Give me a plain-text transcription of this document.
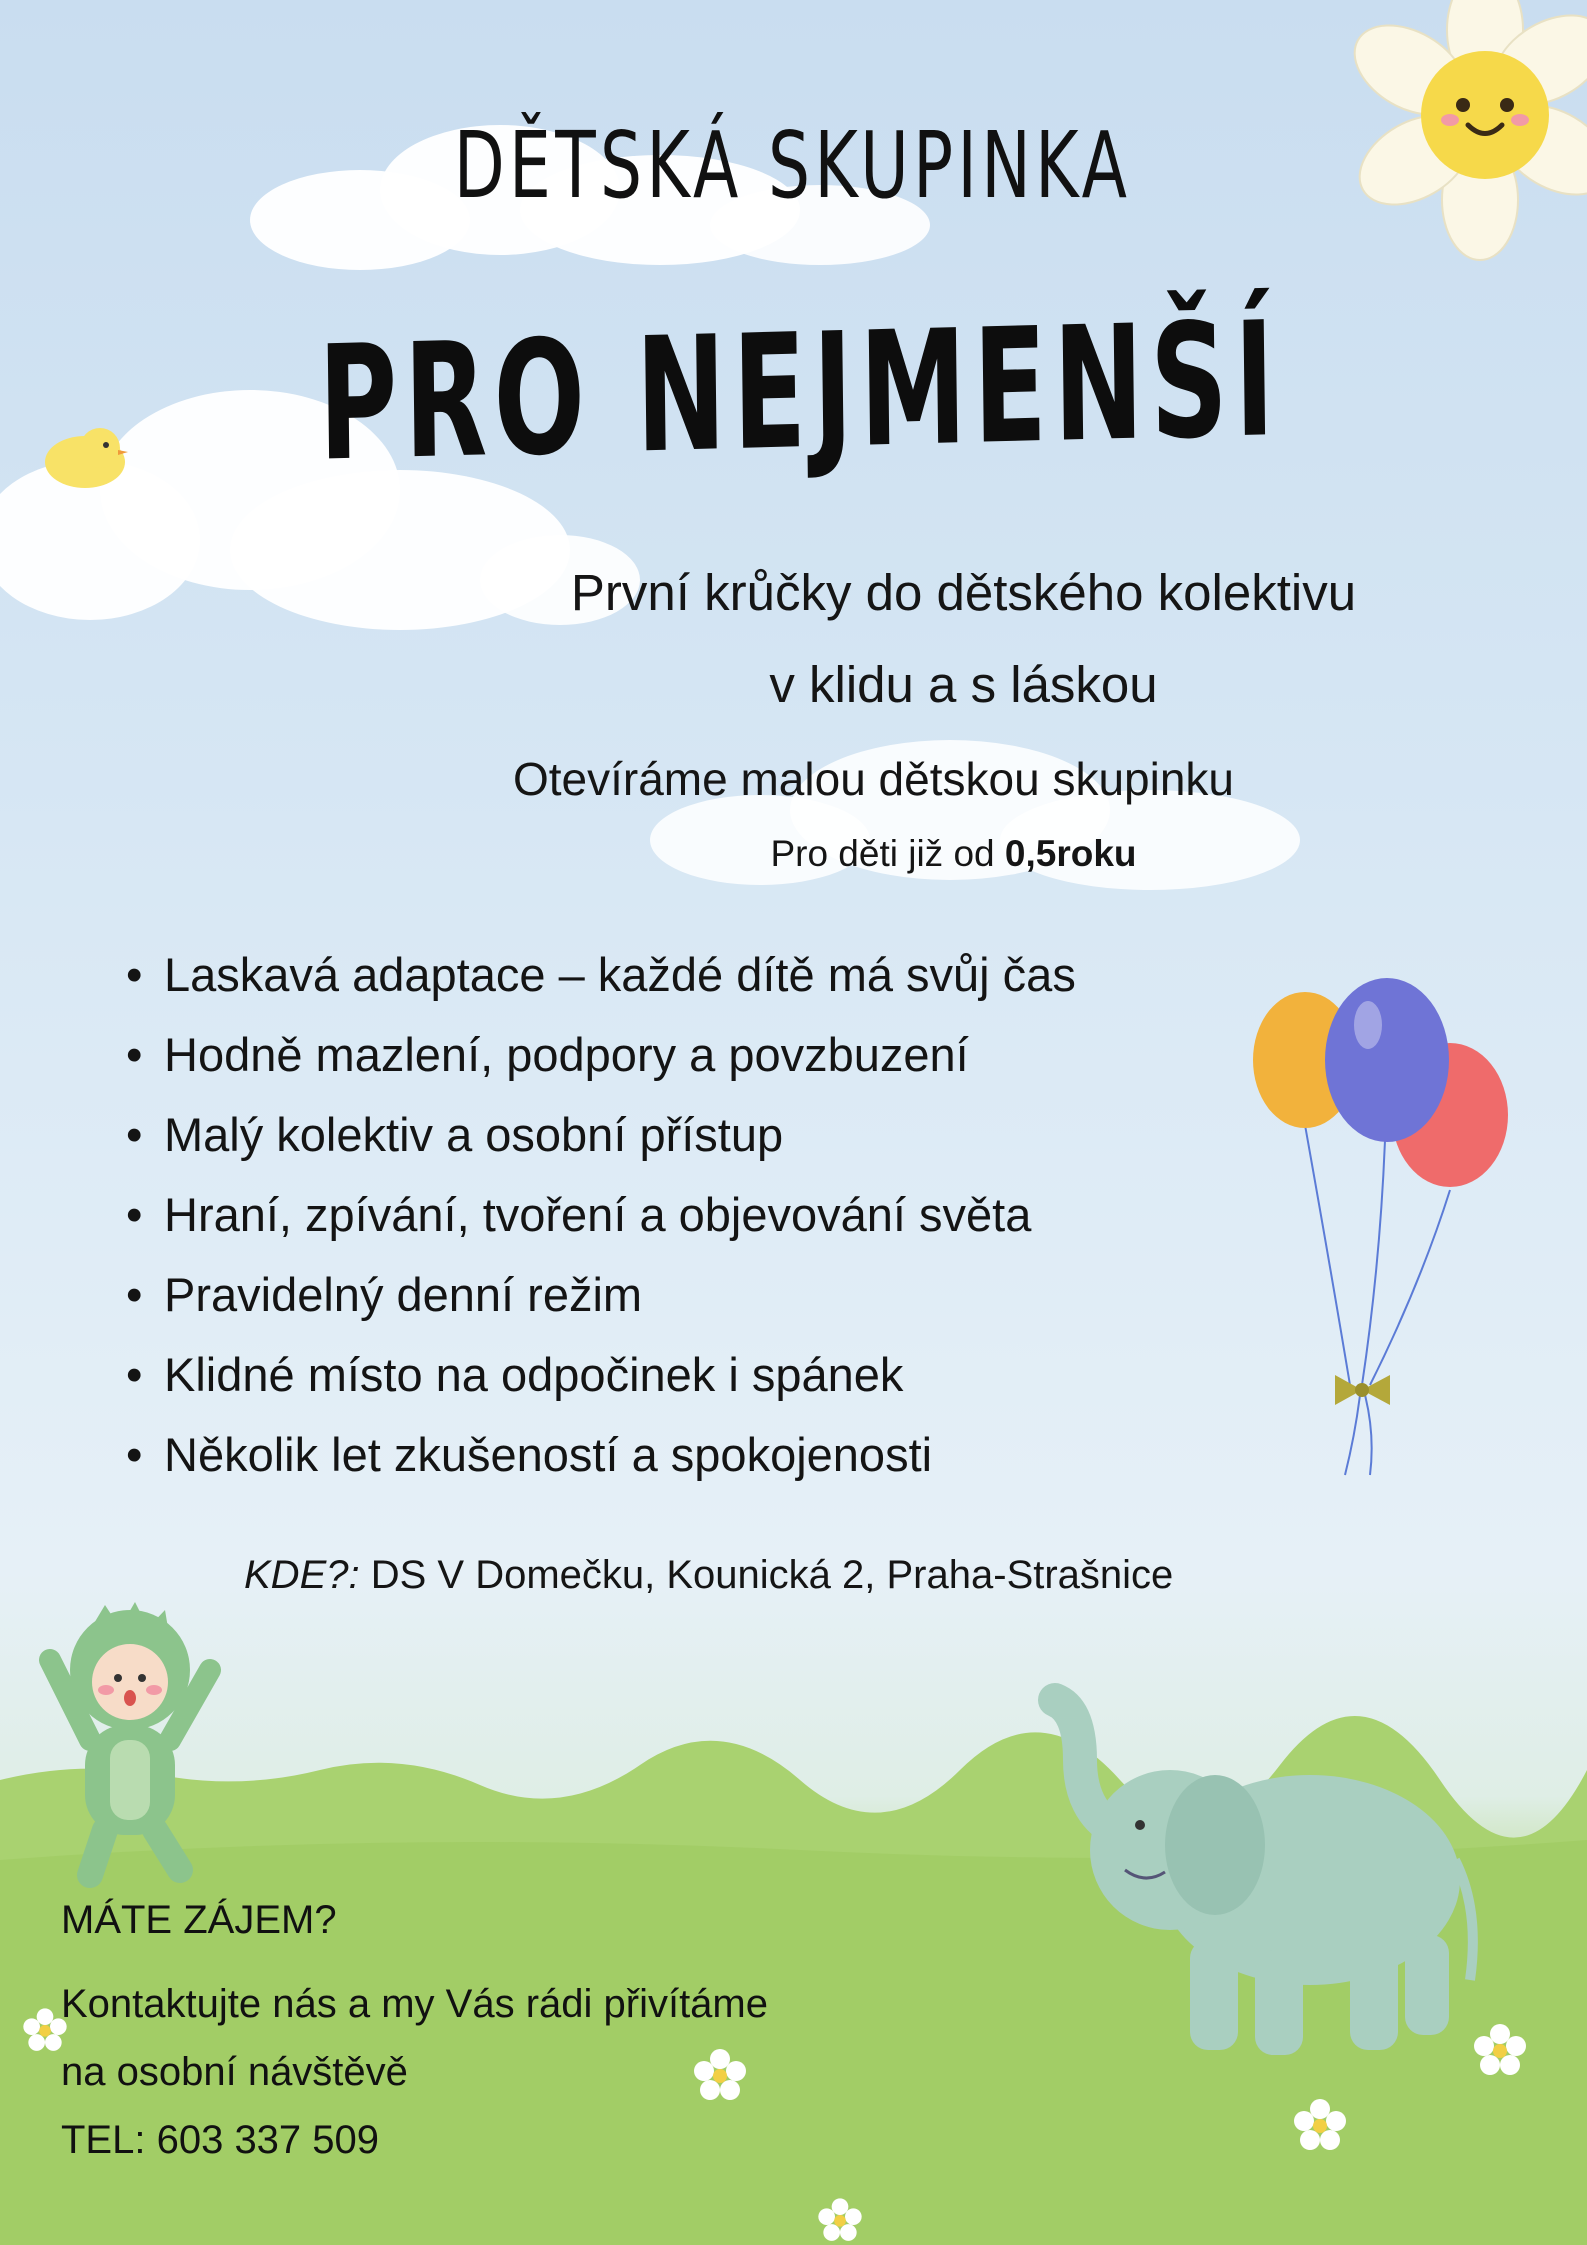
DĚTSKÁ SKUPINKA
PRO NEJMENŠÍ
První krůčky do dětského kolektivu
v klidu a s láskou
Otevíráme malou dětskou skupinku
Pro děti již od 0,5roku
• Laskavá adaptace – každé dítě má svůj čas
• Hodně mazlení, podpory a povzbuzení
• Malý kolektiv a osobní přístup
• Hraní, zpívání, tvoření a objevování světa
• Pravidelný denní režim
• Klidné místo na odpočinek i spánek
• Několik let zkušeností a spokojenosti
KDE?: DS V Domečku, Kounická 2, Praha-Strašnice
MÁTE ZÁJEM?
Kontaktujte nás a my Vás rádi přivítáme
na osobní návštěvě
TEL: 603 337 509
